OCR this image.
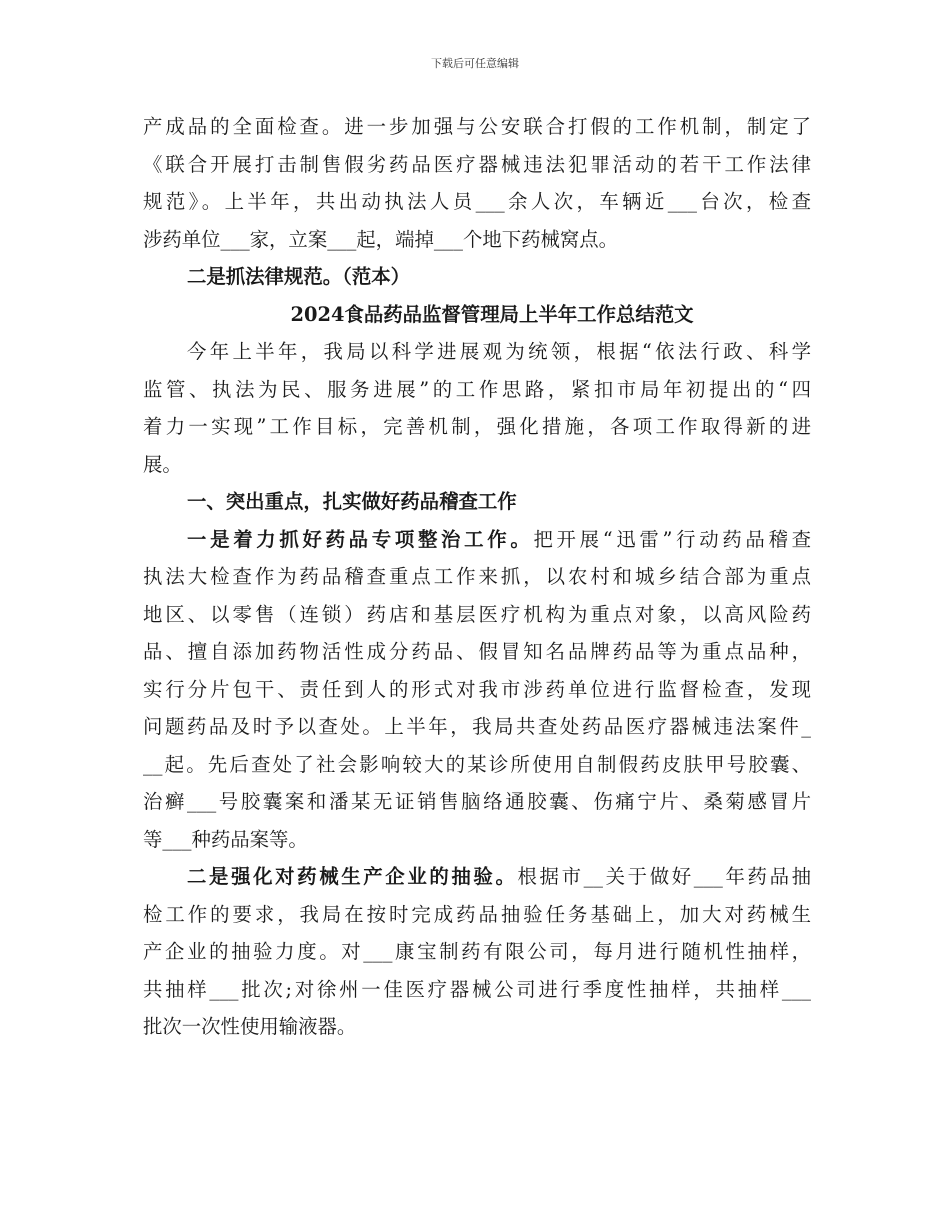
下载后可任意编辑
产成品的全面检查。进一步加强与公安联合打假的工作机制，制定了
《联合开展打击制售假劣药品医疗器械违法犯罪活动的若干工作法律
规范》。上半年，共出动执法人员___余人次，车辆近___台次，检查
涉药单位___家，立案___起，端掉___个地下药械窝点。
二是抓法律规范。（范本）
2024食品药品监督管理局上半年工作总结范文
今年上半年，我局以科学进展观为统领，根据“依法行政、科学
监管、执法为民、服务进展”的工作思路，紧扣市局年初提出的“四
着力一实现”工作目标，完善机制，强化措施，各项工作取得新的进
展。
一、突出重点，扎实做好药品稽查工作
一是着力抓好药品专项整治工作。把开展“迅雷”行动药品稽查
执法大检查作为药品稽查重点工作来抓，以农村和城乡结合部为重点
地区、以零售（连锁）药店和基层医疗机构为重点对象，以高风险药
品、擅自添加药物活性成分药品、假冒知名品牌药品等为重点品种，
实行分片包干、责任到人的形式对我市涉药单位进行监督检查，发现
问题药品及时予以查处。上半年，我局共查处药品医疗器械违法案件_
__起。先后查处了社会影响较大的某诊所使用自制假药皮肤甲号胶囊、
治癣___号胶囊案和潘某无证销售脑络通胶囊、伤痛宁片、桑菊感冒片
等___种药品案等。
二是强化对药械生产企业的抽验。根据市__关于做好___年药品抽
检工作的要求，我局在按时完成药品抽验任务基础上，加大对药械生
产企业的抽验力度。对___康宝制药有限公司，每月进行随机性抽样，
共抽样___批次;对徐州一佳医疗器械公司进行季度性抽样，共抽样___
批次一次性使用输液器。
